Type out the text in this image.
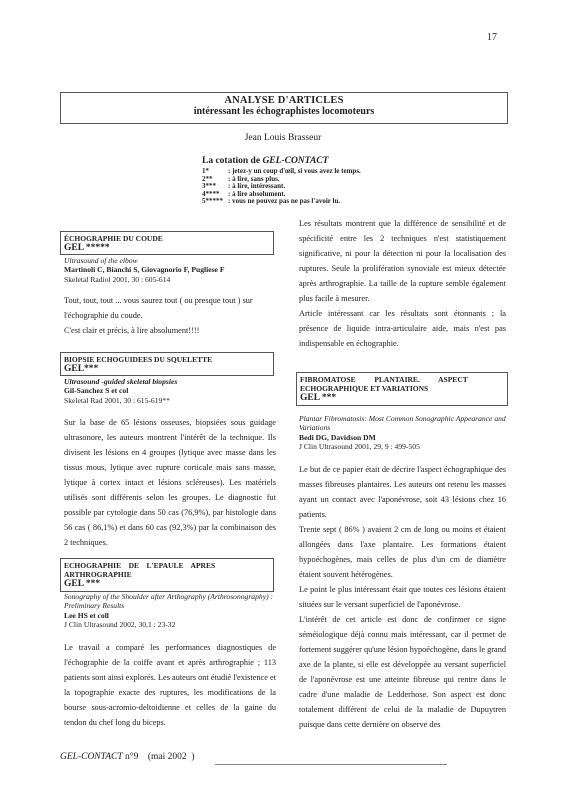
17
ANALYSE D'ARTICLES
intéressant les échographistes locomoteurs
Jean Louis Brasseur
La cotation de GEL-CONTACT
1*	: jetez-y un coup d'œil, si vous avez le temps.
2**	: à lire, sans plus.
3***	: à lire, intéressant.
4****	: à lire absolument.
5***** : vous ne pouvez pas ne pas l'avoir lu.
ÉCHOGRAPHIE DU COUDE
GEL *****
Ultrasound of the elbow
Martinoli C, Bianchi S, Giovagnorio F, Pugliese F
Skeletal Radiol 2001, 30 : 605-614

Tout, tout, tout ... vous saurez tout ( ou presque tout ) sur l'échographie du coude.

C'est clair et précis, à lire absolument!!!!

BIOPSIE ECHOGUIDEES DU SQUELETTE
GEL***
Ultrasound -guided skeletal biopsies
Gil-Sanchez S et col
Skeletal Rad 2001, 30 : 615-619**
Sur la base de 65 lésions osseuses, biopsiées sous guidage ultrasonore, les auteurs montrent l'intérêt de la technique. Ils divisent les lésions en 4 groupes (lytique avec masse dans les tissus mous, lytique avec rupture corticale mais sans masse, lytique à cortex intact et lésions scléreuses). Les matériels utilisés sont différents selon les groupes. Le diagnostic fut possible par cytologie dans 50 cas (76,9%), par histologie dans 56 cas ( 86,1%) et dans 60 cas (92,3%) par la combinaison des 2 techniques.
ECHOGRAPHIE    DE    L'EPAULE    APRES
ARTHROGRAPHIE
GEL ***
Sonography of the Shoulder after Arthography (Arthrosonography) : Preliminary Results
Lee HS et coll
J Clin Ultrasound 2002, 30,1 : 23-32
Le travail a comparé les performances diagnostiques de l'échographie de la coiffe avant et après arthrographie ; 113 patients sont ainsi explorés. Les auteurs ont étudié l'existence et la topographie exacte des ruptures, les modifications de la bourse sous-acromio-deltoidienne et celles de la gaine du tendon du chef long du biceps.

Les résultats montrent que la différence de sensibilité et de spécificité entre les 2 techniques n'est statistiquement significative, ni pour la détection ni pour la localisation des ruptures. Seule la prolifération synoviale est mieux détectée après arthrographie. La taille de la rupture semble également plus facile à mesurer.

Article intéressant car les résultats sont étonnants ; la présence de liquide intra-articulaire aide, mais n'est pas indispensable en échographie.

FIBROMATOSE          PLANTAIRE.          ASPECT
ECHOGRAPHIQUE ET VARIATIONS
GEL ***
Plantar Fibromatosis: Most Common Sonographic Appearance and Variations
Bedi DG, Davidson DM
J Clin Ultrasound 2001, 29, 9 : 499-505

Le but de ce papier était de décrire l'aspect échographique des masses fibreuses plantaires. Les auteurs ont retenu les masses ayant un contact avec l'aponévrose, soit 43 lésions chez 16 patients.

Trente sept ( 86% ) avaient 2 cm de long ou moins et étaient allongées dans l'axe plantaire. Les formations étaient hypoéchogènes, mais celles de plus d'un cm de diamètre étaient souvent hétérogènes.

Le point le plus intéressant était que toutes ces lésions étaient situées sur le versant superficiel de l'aponévrose.

L'intérêt de cet article est donc de confirmer ce signe séméiologique déjà connu mais intéressant, car il permet de fortement suggérer qu'une lésion hypoéchogène, dans le grand axe de la plante, si elle est développée au versant superficiel de l'aponévrose est une atteinte fibreuse qui rentre dans le cadre d'une maladie de Ledderhose. Son aspect est donc totalement différent de celui de la maladie de Dupuytren puisque dans cette dernière on observe des

GEL-CONTACT n°9    (mai 2002  )
